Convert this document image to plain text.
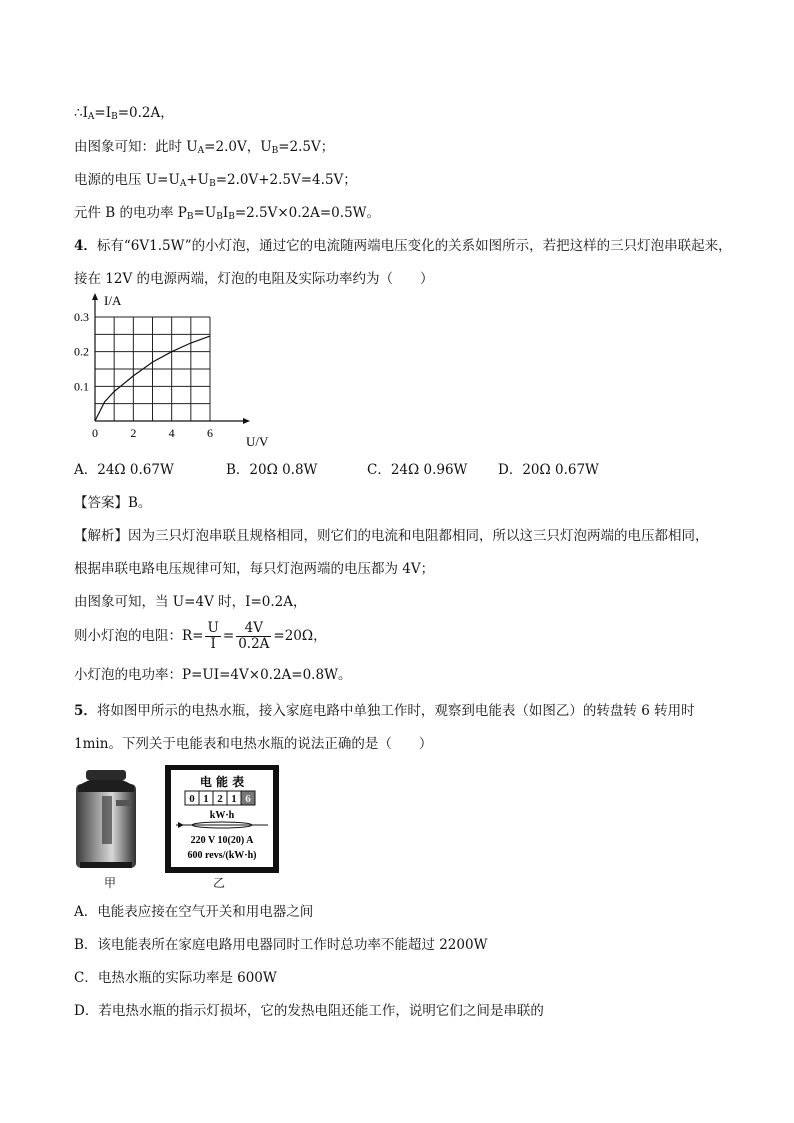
$\therefore I_A=I_B=0.2A$，
由图象可知：此时 $U_A=2.0V$，$U_B=2.5V$；
电源的电压 $U=U_A+U_B=2.0V+2.5V=4.5V$；
元件 B 的电功率 $P_B=U_BI_B=2.5V\times 0.2A=0.5W$。
4．标有“6V1.5W”的小灯泡，通过它的电流随两端电压变化的关系如图所示，若把这样的三只灯泡串联起来，
接在 12V 的电源两端，灯泡的电阻及实际功率约为（　　）
0	2	4	6
0.1
0.2
0.3
I/A
U/V
A．24Ω 0.67W	B．20Ω 0.8W	C．24Ω 0.96W D．20Ω 0.67W
【答案】B。
【解析】因为三只灯泡串联且规格相同，则它们的电流和电阻都相同，所以这三只灯泡两端的电压都相同，
根据串联电路电压规律可知，每只灯泡两端的电压都为 4V；
由图象可知，当 U=4V 时，I=0.2A，
则小灯泡的电阻：$R= \frac{U}{I} = \frac{4V}{0.2A} =20\Omega$，
小灯泡的电功率：P=UI=4V×0.2A=0.8W。
5．将如图甲所示的电热水瓶，接入家庭电路中单独工作时，观察到电能表（如图乙）的转盘转 6 转用时
1min。下列关于电能表和电热水瓶的说法正确的是（　　）
甲
电 能 表
0 1 2 1 6
kW·h
220 V 10(20) A
600 revs/(kW·h)
乙
A．电能表应接在空气开关和用电器之间
B．该电能表所在家庭电路用电器同时工作时总功率不能超过 2200W
C．电热水瓶的实际功率是 600W
D．若电热水瓶的指示灯损坏，它的发热电阻还能工作，说明它们之间是串联的
